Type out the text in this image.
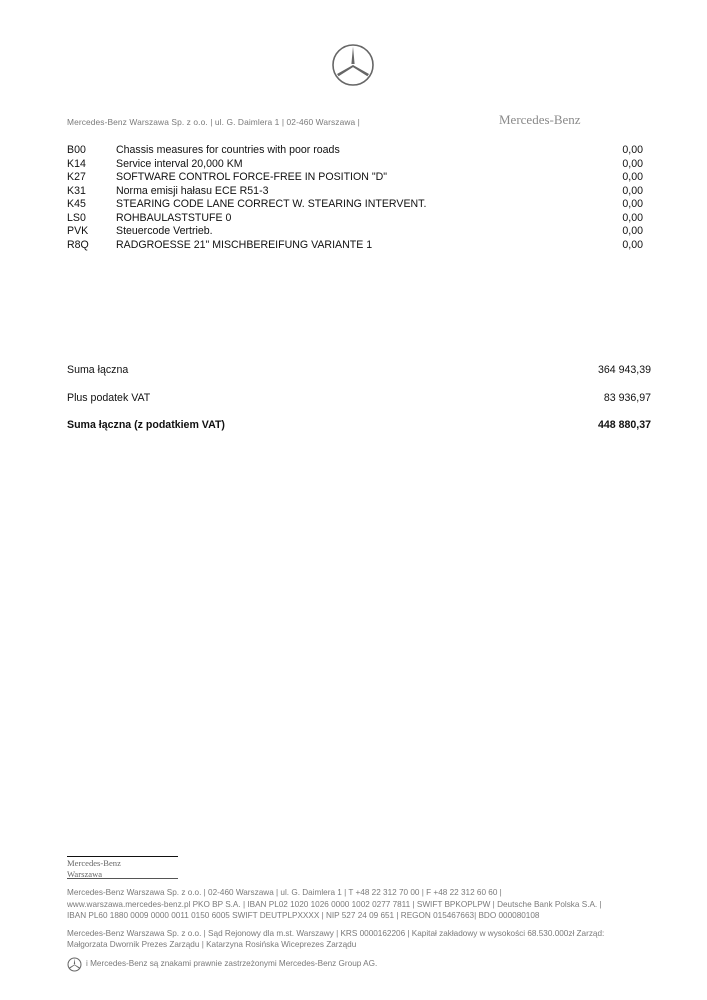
Mercedes-Benz Warszawa Sp. z o.o. | ul. G. Daimlera 1 | 02-460 Warszawa |	Mercedes-Benz
B00	Chassis measures for countries with poor roads	0,00
K14	Service interval 20,000 KM	0,00
K27	SOFTWARE CONTROL FORCE-FREE IN POSITION "D"	0,00
K31	Norma emisji hałasu ECE R51-3	0,00
K45	STEARING CODE LANE CORRECT W. STEARING INTERVENT.	0,00
LS0	ROHBAULASTSTUFE 0	0,00
PVK	Steuercode Vertrieb.	0,00
R8Q	RADGROESSE 21" MISCHBEREIFUNG VARIANTE 1	0,00
Suma łączna	364 943,39
Plus podatek VAT	83 936,97
Suma łączna (z podatkiem VAT)	448 880,37
Mercedes-Benz
Warszawa
Mercedes-Benz Warszawa Sp. z o.o. | 02-460 Warszawa | ul. G. Daimlera 1 | T +48 22 312 70 00 | F +48 22 312 60 60 |
www.warszawa.mercedes-benz.pl PKO BP S.A. | IBAN PL02 1020 1026 0000 1002 0277 7811 | SWIFT BPKOPLPW | Deutsche Bank Polska S.A. |
IBAN PL60 1880 0009 0000 0011 0150 6005 SWIFT DEUTPLPXXXX | NIP 527 24 09 651 | REGON 015467663| BDO 000080108
Mercedes-Benz Warszawa Sp. z o.o. | Sąd Rejonowy dla m.st. Warszawy | KRS 0000162206 | Kapitał zakładowy w wysokości 68.530.000zł Zarząd:
Małgorzata Dwornik Prezes Zarządu | Katarzyna Rosińska Wiceprezes Zarządu
i Mercedes-Benz są znakami prawnie zastrzeżonymi Mercedes-Benz Group AG.
